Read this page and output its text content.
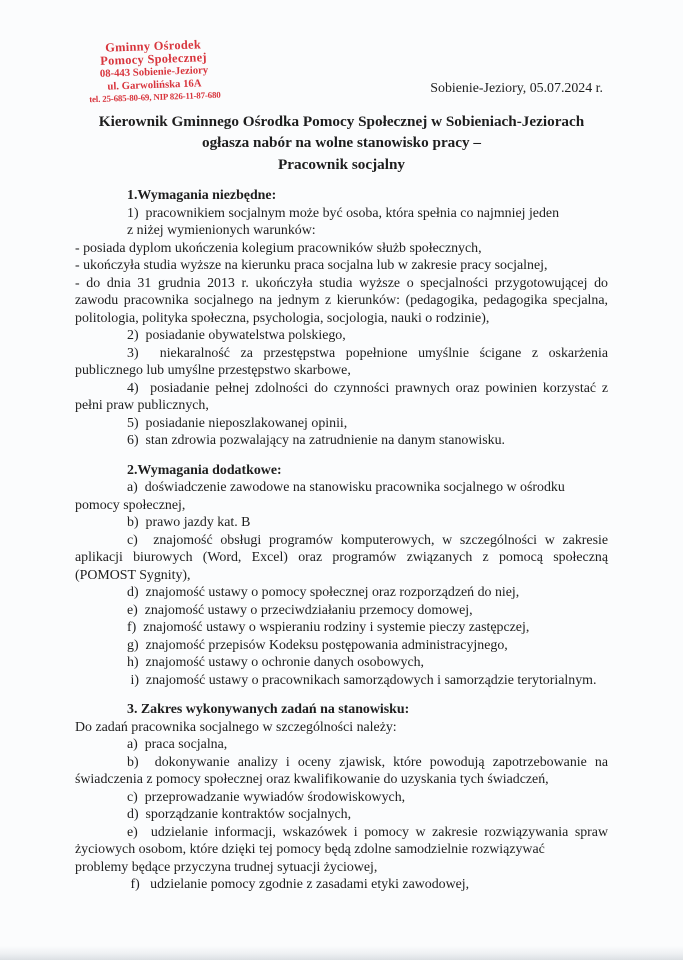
Gminny Ośrodek
Pomocy Społecznej
08-443 Sobienie-Jeziory
ul. Garwolińska 16A
tel. 25-685-80-69, NIP 826-11-87-680
Sobienie-Jeziory, 05.07.2024 r.
Kierownik Gminnego Ośrodka Pomocy Społecznej w Sobieniach-Jeziorach
ogłasza nabór na wolne stanowisko pracy –
Pracownik socjalny
1.Wymagania niezbędne:
1)  pracownikiem socjalnym może być osoba, która spełnia co najmniej jeden
z niżej wymienionych warunków:
- posiada dyplom ukończenia kolegium pracowników służb społecznych,
- ukończyła studia wyższe na kierunku praca socjalna lub w zakresie pracy socjalnej,
- do dnia 31 grudnia 2013 r. ukończyła studia wyższe o specjalności przygotowującej do
zawodu pracownika socjalnego na jednym z kierunków: (pedagogika, pedagogika specjalna,
politologia, polityka społeczna, psychologia, socjologia, nauki o rodzinie),
2)  posiadanie obywatelstwa polskiego,
3)  niekaralność za przestępstwa popełnione umyślnie ścigane z oskarżenia
publicznego lub umyślne przestępstwo skarbowe,
4)  posiadanie pełnej zdolności do czynności prawnych oraz powinien korzystać z
pełni praw publicznych,
5)  posiadanie nieposzlakowanej opinii,
6)  stan zdrowia pozwalający na zatrudnienie na danym stanowisku.
2.Wymagania dodatkowe:
a)  doświadczenie zawodowe na stanowisku pracownika socjalnego w ośrodku
pomocy społecznej,
b)  prawo jazdy kat. B
c)  znajomość obsługi programów komputerowych, w szczególności w zakresie
aplikacji biurowych (Word, Excel) oraz programów związanych z pomocą społeczną
(POMOST Sygnity),
d)  znajomość ustawy o pomocy społecznej oraz rozporządzeń do niej,
e)  znajomość ustawy o przeciwdziałaniu przemocy domowej,
f)  znajomość ustawy o wspieraniu rodziny i systemie pieczy zastępczej,
g)  znajomość przepisów Kodeksu postępowania administracyjnego,
h)  znajomość ustawy o ochronie danych osobowych,
i)  znajomość ustawy o pracownikach samorządowych i samorządzie terytorialnym.
3. Zakres wykonywanych zadań na stanowisku:
Do zadań pracownika socjalnego w szczególności należy:
a)  praca socjalna,
b)  dokonywanie analizy i oceny zjawisk, które powodują zapotrzebowanie na
świadczenia z pomocy społecznej oraz kwalifikowanie do uzyskania tych świadczeń,
c)  przeprowadzanie wywiadów środowiskowych,
d)  sporządzanie kontraktów socjalnych,
e)  udzielanie informacji, wskazówek i pomocy w zakresie rozwiązywania spraw
życiowych osobom, które dzięki tej pomocy będą zdolne samodzielnie rozwiązywać
problemy będące przyczyna trudnej sytuacji życiowej,
f)   udzielanie pomocy zgodnie z zasadami etyki zawodowej,
